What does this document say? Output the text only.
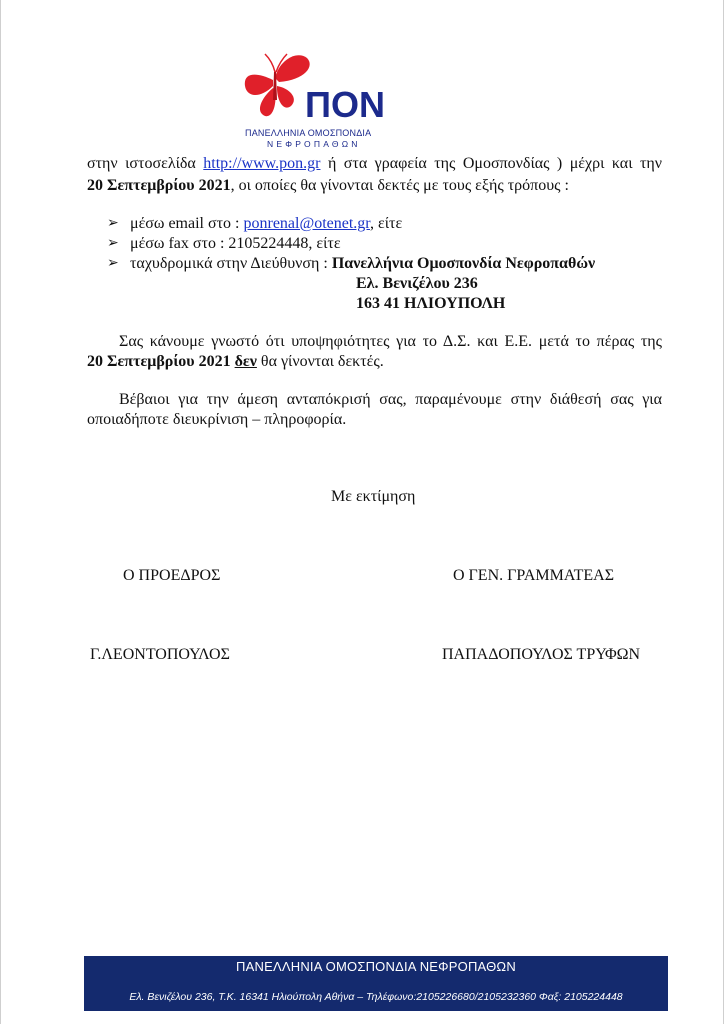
ΠΟΝ
ΠΑΝΕΛΛΗΝΙΑ ΟΜΟΣΠΟΝΔΙΑ
ΝΕΦΡΟΠΑΘΩΝ
στην ιστοσελίδα http://www.pon.gr ή στα γραφεία της Ομοσπονδίας ) μέχρι και την
20 Σεπτεμβρίου 2021, οι οποίες θα γίνονται δεκτές με τους εξής τρόπους :
➢ μέσω email στο : ponrenal@otenet.gr, είτε
➢ μέσω fax στο : 2105224448, είτε
➢ ταχυδρομικά στην Διεύθυνση : Πανελλήνια Ομοσπονδία Νεφροπαθών
Ελ. Βενιζέλου 236
163 41 ΗΛΙΟΥΠΟΛΗ
Σας κάνουμε γνωστό ότι υποψηφιότητες για το Δ.Σ. και Ε.Ε. μετά το πέρας της
20 Σεπτεμβρίου 2021 δεν θα γίνονται δεκτές.
Βέβαιοι για την άμεση ανταπόκρισή σας, παραμένουμε στην διάθεσή σας για
οποιαδήποτε διευκρίνιση – πληροφορία.
Με εκτίμηση
Ο ΠΡΟΕΔΡΟΣ	Ο ΓΕΝ. ΓΡΑΜΜΑΤΕΑΣ
Γ.ΛΕΟΝΤΟΠΟΥΛΟΣ	ΠΑΠΑΔΟΠΟΥΛΟΣ ΤΡΥΦΩΝ
ΠΑΝΕΛΛΗΝΙΑ ΟΜΟΣΠΟΝΔΙΑ ΝΕΦΡΟΠΑΘΩΝ
Ελ. Βενιζέλου 236, Τ.Κ. 16341 Ηλιούπολη Αθήνα – Τηλέφωνο:2105226680/2105232360 Φαξ: 2105224448
